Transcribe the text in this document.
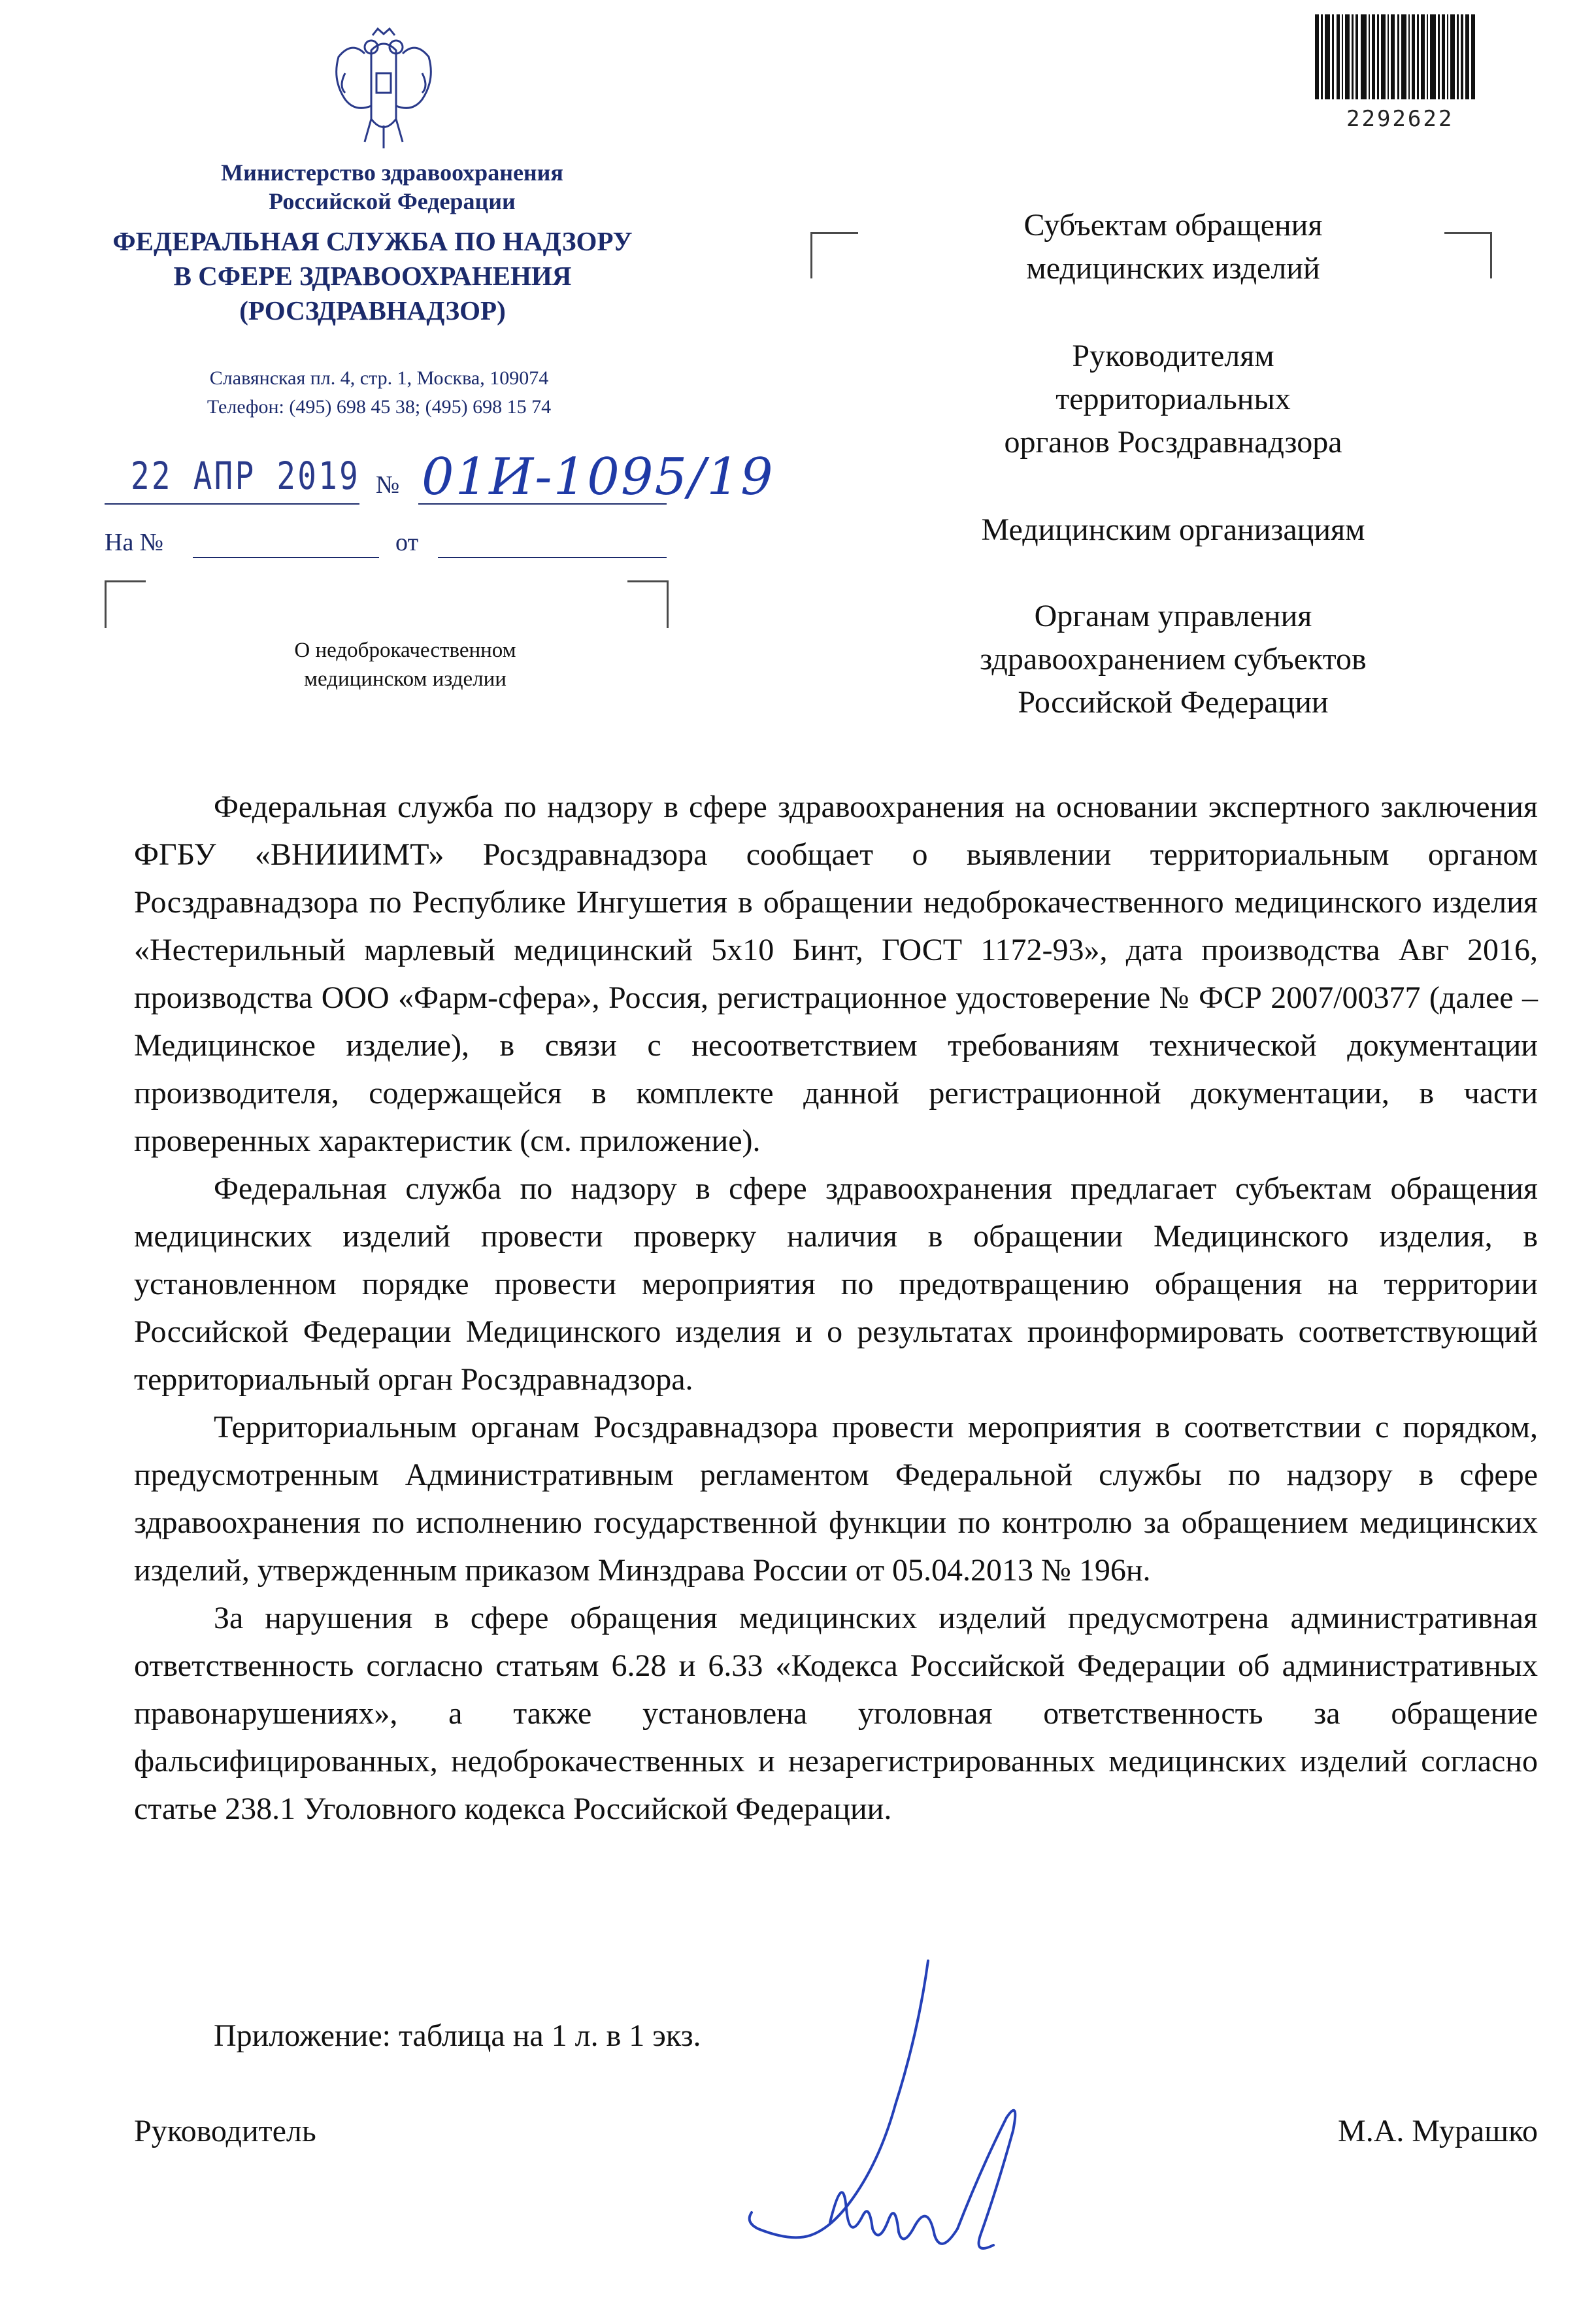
Министерство здравоохранения
Российской Федерации
ФЕДЕРАЛЬНАЯ СЛУЖБА ПО НАДЗОРУ
В СФЕРЕ ЗДРАВООХРАНЕНИЯ
(РОСЗДРАВНАДЗОР)
Славянская пл. 4, стр. 1, Москва, 109074
Телефон: (495) 698 45 38; (495) 698 15 74
22 АПР 2019 № 01И-1095/19
На №	от
О недоброкачественном
медицинском изделии
2292622
Субъектам обращения
медицинских изделий
Руководителям
территориальных
органов Росздравнадзора
Медицинским организациям
Органам управления
здравоохранением субъектов
Российской Федерации

Федеральная служба по надзору в сфере здравоохранения на основании экспертного заключения ФГБУ «ВНИИИМТ» Росздравнадзора сообщает о выявлении территориальным органом Росздравнадзора по Республике Ингушетия в обращении недоброкачественного медицинского изделия «Нестерильный марлевый медицинский 5х10 Бинт, ГОСТ 1172-93», дата производства Авг 2016, производства ООО «Фарм-сфера», Россия, регистрационное удостоверение № ФСР 2007/00377 (далее – Медицинское изделие), в связи с несоответствием требованиям технической документации производителя, содержащейся в комплекте данной регистрационной документации, в части проверенных характеристик (см. приложение).

Федеральная служба по надзору в сфере здравоохранения предлагает субъектам обращения медицинских изделий провести проверку наличия в обращении Медицинского изделия, в установленном порядке провести мероприятия по предотвращению обращения на территории Российской Федерации Медицинского изделия и о результатах проинформировать соответствующий территориальный орган Росздравнадзора.

Территориальным органам Росздравнадзора провести мероприятия в соответствии с порядком, предусмотренным Административным регламентом Федеральной службы по надзору в сфере здравоохранения по исполнению государственной функции по контролю за обращением медицинских изделий, утвержденным приказом Минздрава России от 05.04.2013 № 196н.

За нарушения в сфере обращения медицинских изделий предусмотрена административная ответственность согласно статьям 6.28 и 6.33 «Кодекса Российской Федерации об административных правонарушениях», а также установлена уголовная ответственность за обращение фальсифицированных, недоброкачественных и незарегистрированных медицинских изделий согласно статье 238.1 Уголовного кодекса Российской Федерации.

Приложение: таблица на 1 л. в 1 экз.
Руководитель	М.А. Мурашко
